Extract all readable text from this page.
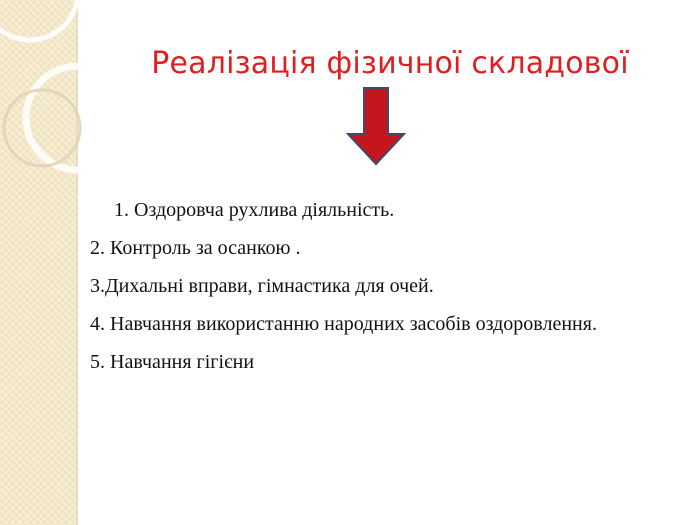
Реалізація фізичної складової
1. Оздоровча рухлива діяльність.
2. Контроль за осанкою .
3.Дихальні вправи, гімнастика для очей.
4. Навчання використанню народних засобів оздоровлення.
5. Навчання гігієни
